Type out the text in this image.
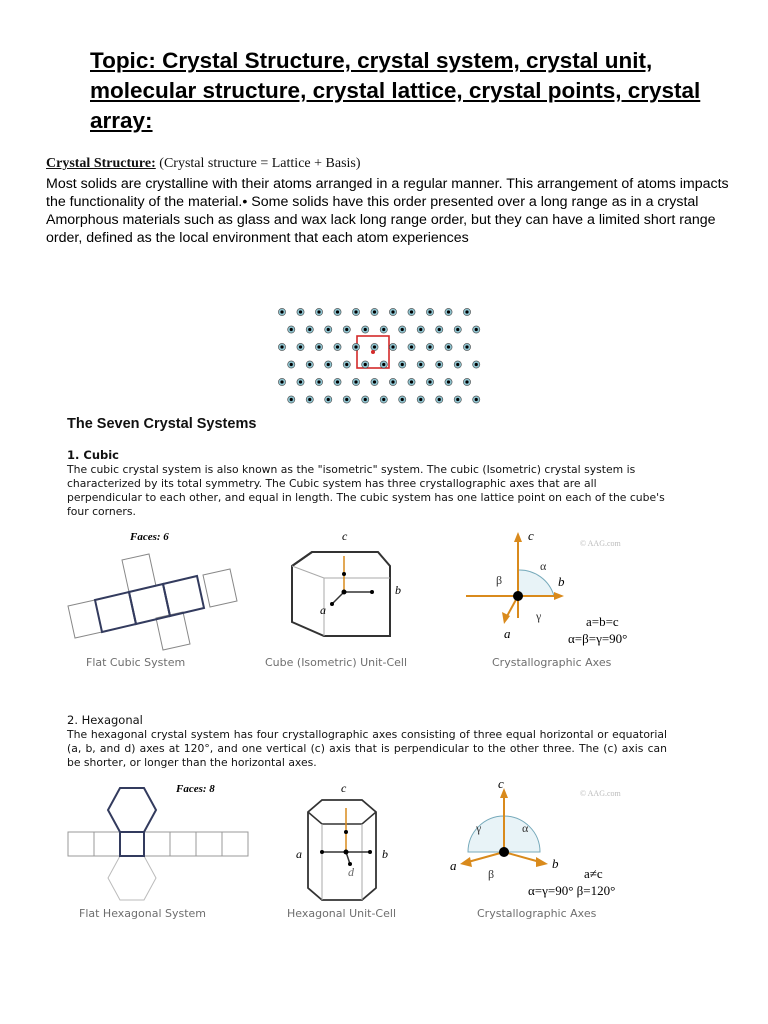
Topic: Crystal Structure, crystal system, crystal unit, molecular structure, crystal lattice, crystal points, crystal array:
Crystal Structure: (Crystal structure = Lattice + Basis)
Most solids are crystalline with their atoms arranged in a regular manner. This arrangement of atoms impacts the functionality of the material.• Some solids have this order presented over a long range as in a crystal Amorphous materials such as glass and wax lack long range order, but they can have a limited short range order, defined as the local environment that each atom experiences
The Seven Crystal Systems
1. Cubic
The cubic crystal system is also known as the "isometric" system. The cubic (Isometric) crystal system is characterized by its total symmetry. The Cubic system has three crystallographic axes that are all perpendicular to each other, and equal in length. The cubic system has one lattice point on each of the cube's four corners.
Faces: 6	c
b
a
© AAG.com
c
b
a
α
β
γ	a=b=c
α=β=γ=90°
Flat Cubic System	Cube (Isometric) Unit-Cell	Crystallographic Axes
2. Hexagonal
The hexagonal crystal system has four crystallographic axes consisting of three equal horizontal or equatorial (a, b, and d) axes at 120°, and one vertical (c) axis that is perpendicular to the other three. The (c) axis can be shorter, or longer than the horizontal axes.
Faces: 8	c
a	b
d
© AAG.com
c
a	b
α
γ
β	a≠c
α=γ=90° β=120°
Flat Hexagonal System	Hexagonal Unit-Cell	Crystallographic Axes
